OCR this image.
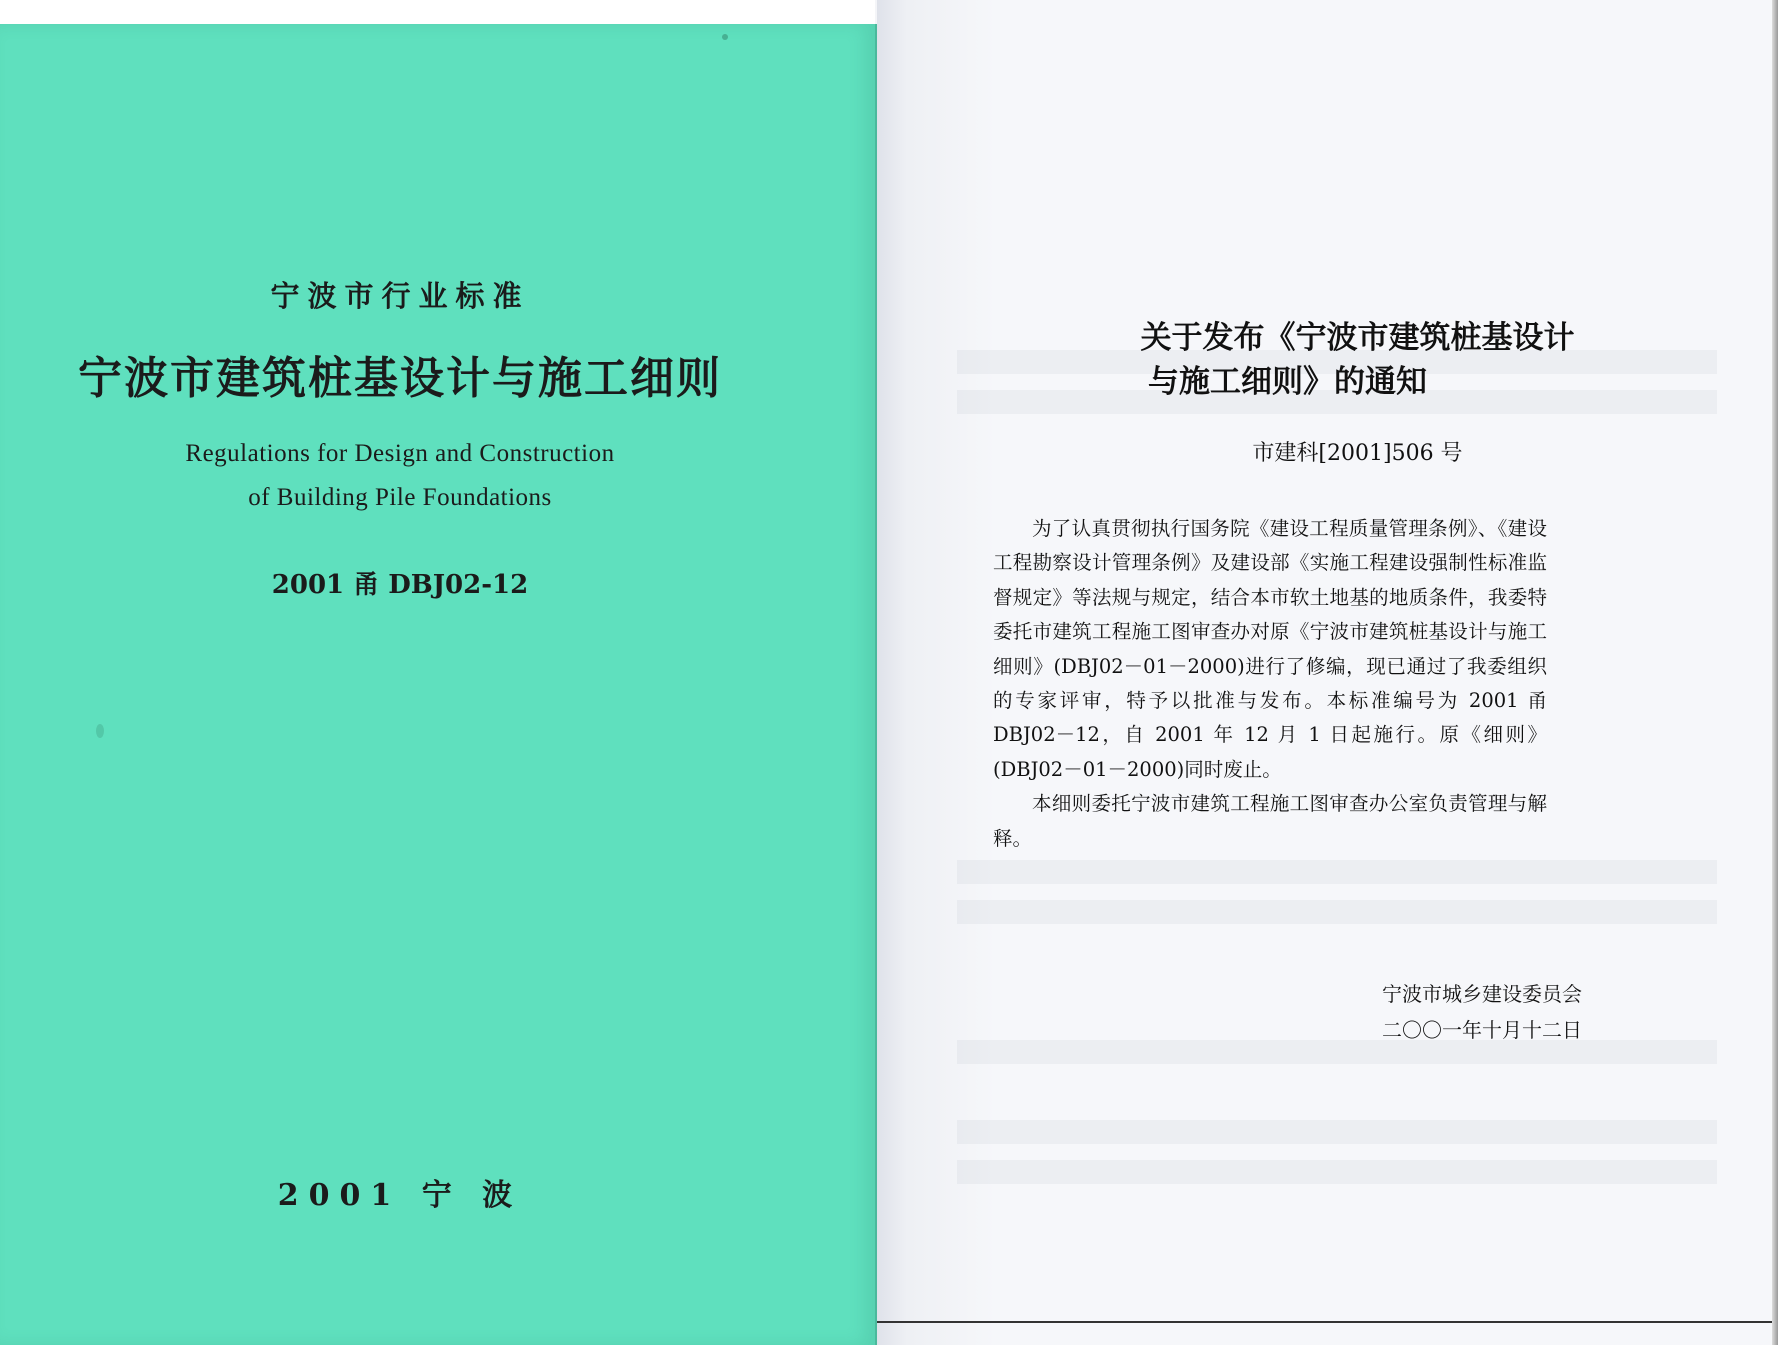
宁波市行业标准
宁波市建筑桩基设计与施工细则
Regulations for Design and Construction
of Building Pile Foundations
2001 甬 DBJ02-12
2001 宁 波
关于发布《宁波市建筑桩基设计
与施工细则》的通知
市建科[2001]506 号

为了认真贯彻执行国务院《建设工程质量管理条例》、《建设工程勘察设计管理条例》及建设部《实施工程建设强制性标准监督规定》等法规与规定，结合本市软土地基的地质条件，我委特委托市建筑工程施工图审查办对原《宁波市建筑桩基设计与施工细则》(DBJ02－01－2000)进行了修编，现已通过了我委组织的专家评审，特予以批准与发布。本标准编号为 2001 甬 DBJ02－12，自 2001 年 12 月 1 日起施行。原《细则》(DBJ02－01－2000)同时废止。

本细则委托宁波市建筑工程施工图审查办公室负责管理与解释。

宁波市城乡建设委员会
二〇〇一年十月十二日
